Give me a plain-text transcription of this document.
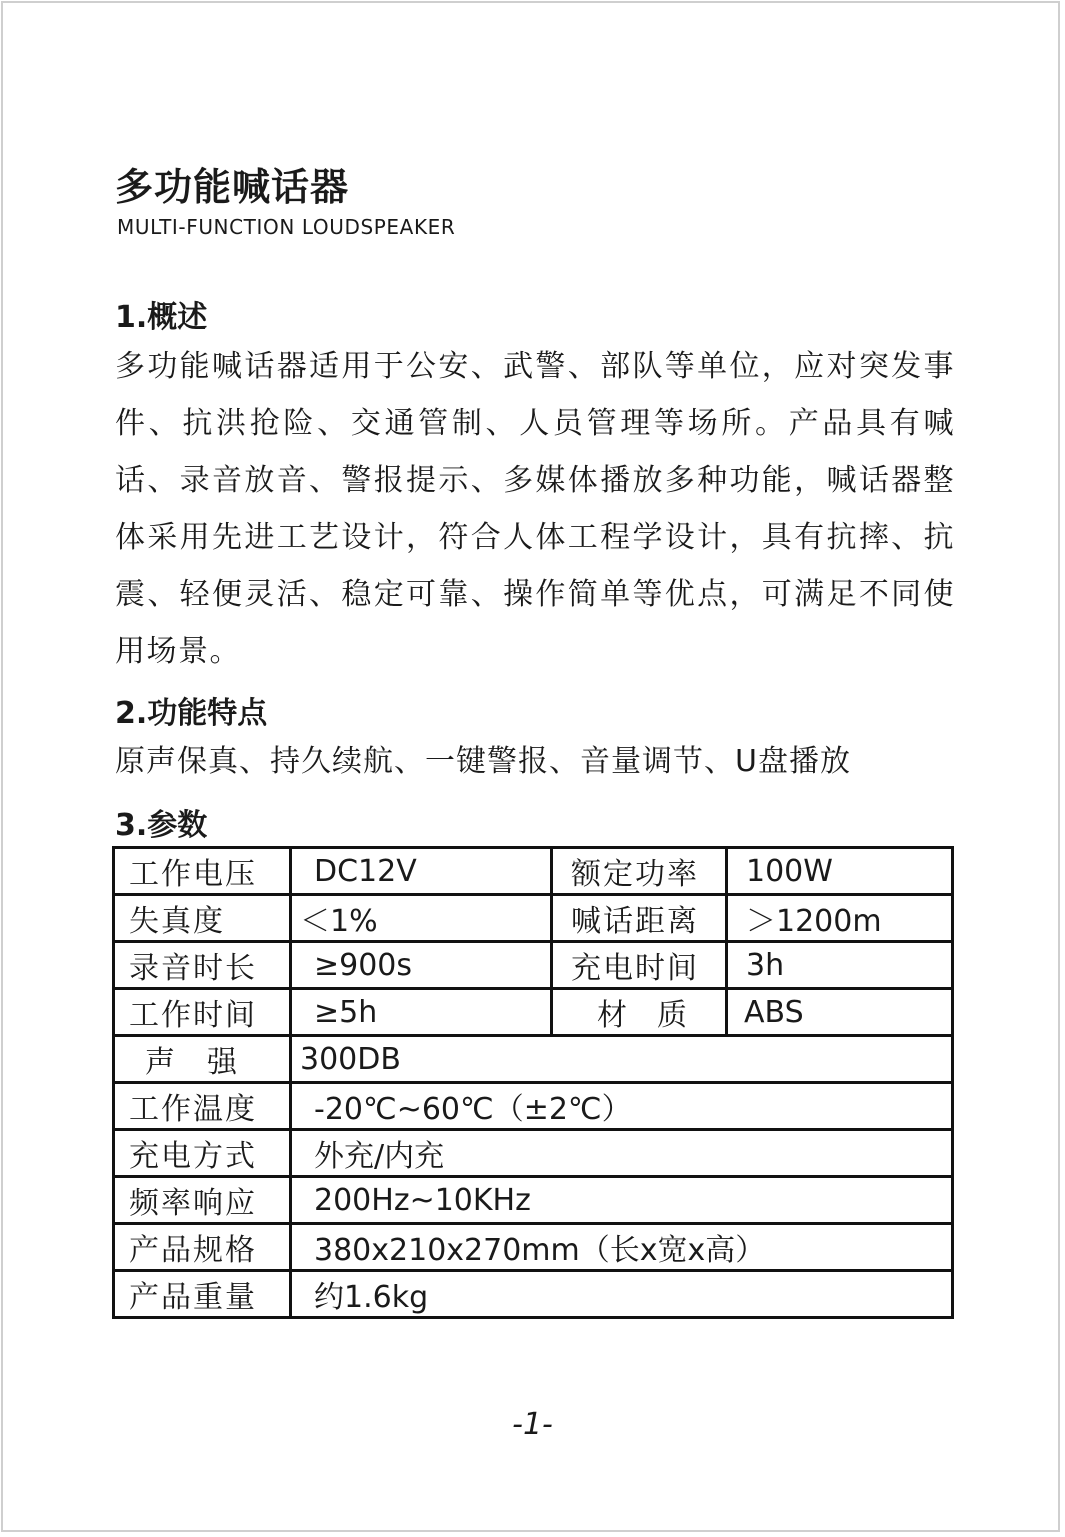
多功能喊话器

MULTI-FUNCTION LOUDSPEAKER

1.概述

多功能喊话器适用于公安、武警、部队等单位，应对突发事件、抗洪抢险、交通管制、人员管理等场所。产品具有喊话、录音放音、警报提示、多媒体播放多种功能，喊话器整体采用先进工艺设计，符合人体工程学设计，具有抗摔、抗震、轻便灵活、稳定可靠、操作简单等优点，可满足不同使用场景。

2.功能特点

原声保真、持久续航、一键警报、音量调节、U盘播放

3.参数
工作电压	DC12V	额定功率	100W
失真度	＜1%	喊话距离	＞1200m
录音时长	≥900s	充电时间	3h
工作时间	≥5h	材 质	ABS
声 强	300DB		
工作温度	-20℃~60℃（±2℃）		
充电方式	外充/内充		
频率响应	200Hz~10KHz		
产品规格	380x210x270mm（长x宽x高）		
产品重量	约1.6kg		

-1-
